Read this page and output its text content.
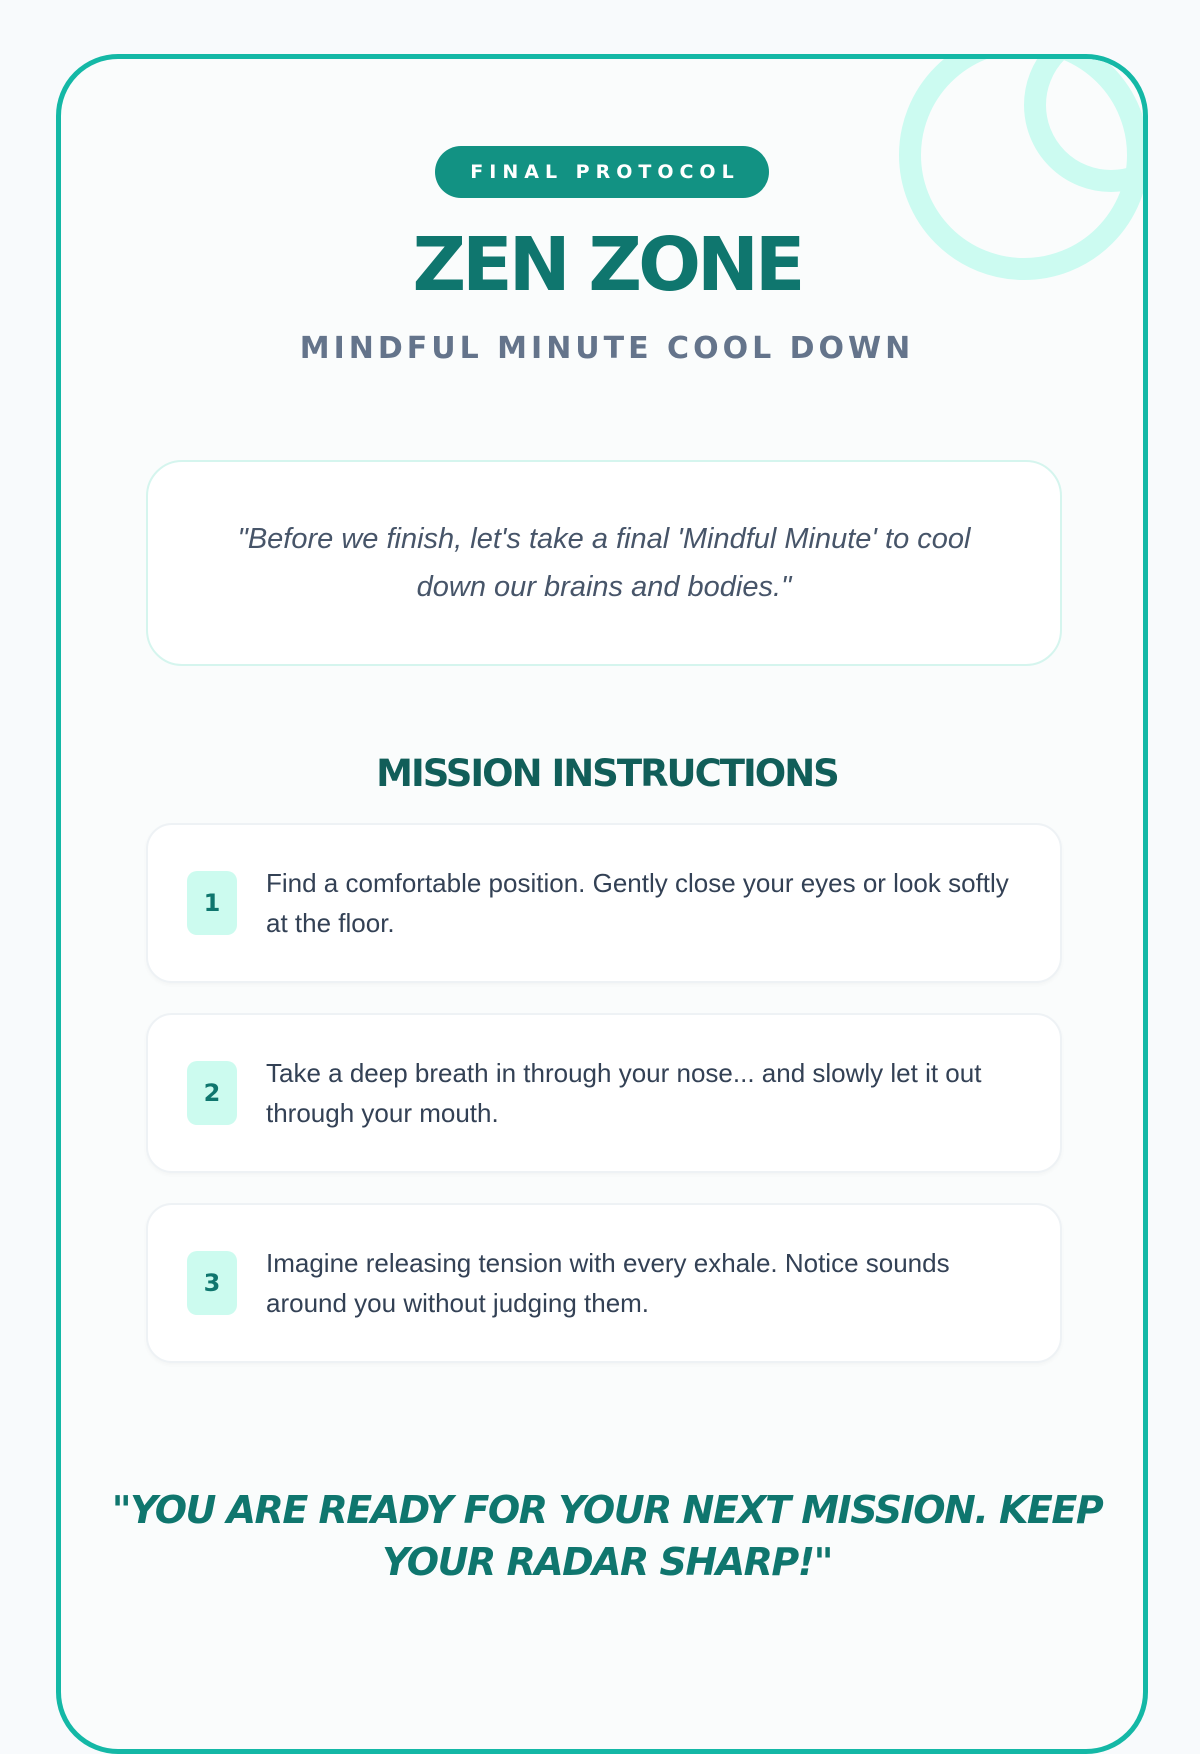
FINAL PROTOCOL
ZEN ZONE
MINDFUL MINUTE COOL DOWN
"Before we finish, let's take a final 'Mindful Minute' to cool down our brains and bodies."
MISSION INSTRUCTIONS
1
Find a comfortable position. Gently close your eyes or look softly at the floor.
2
Take a deep breath in through your nose... and slowly let it out through your mouth.
3
Imagine releasing tension with every exhale. Notice sounds around you without judging them.
"YOU ARE READY FOR YOUR NEXT MISSION. KEEP YOUR RADAR SHARP!"
